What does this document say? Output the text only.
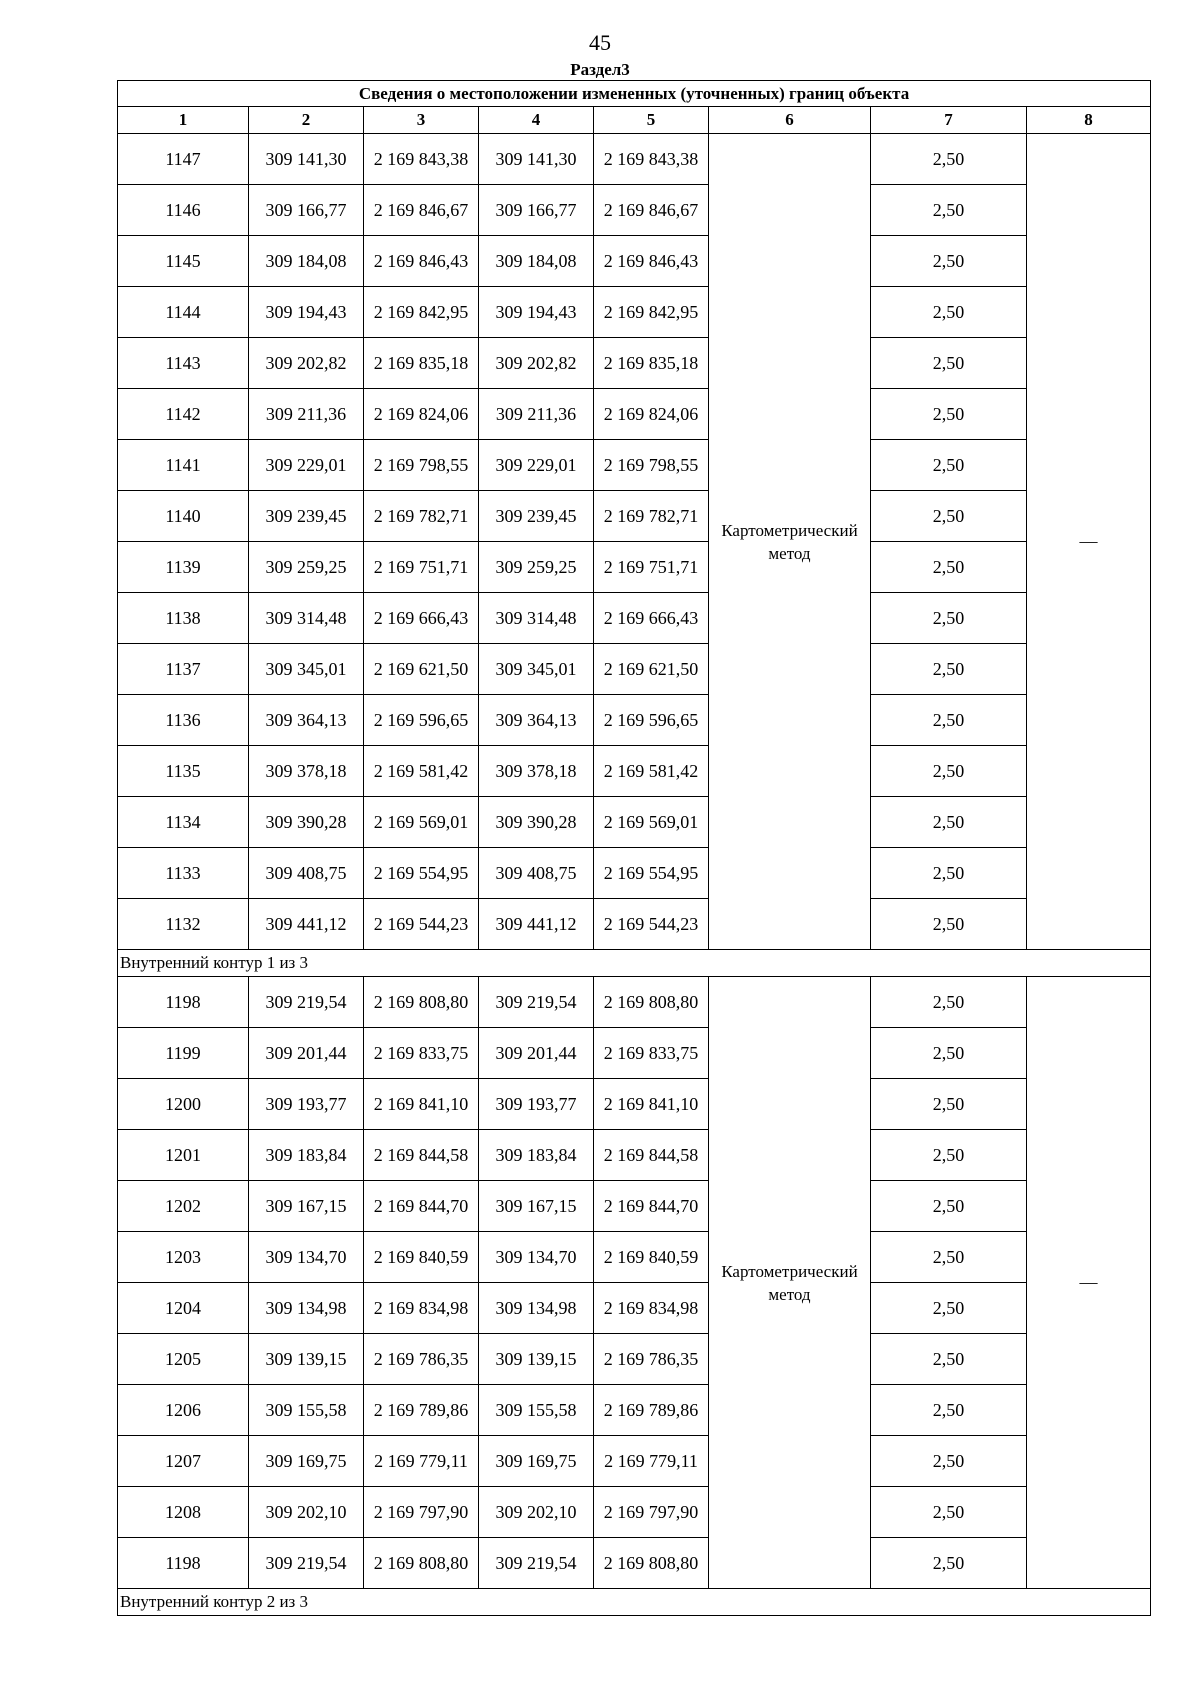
45
Раздел3
Сведения о местоположении измененных (уточненных) границ объекта							
1	2	3	4	5	6	7	8
1147	309 141,30	2 169 843,38	309 141,30	2 169 843,38	Картометрический метод	2,50	—
1146	309 166,77	2 169 846,67	309 166,77	2 169 846,67		2,50	
1145	309 184,08	2 169 846,43	309 184,08	2 169 846,43		2,50	
1144	309 194,43	2 169 842,95	309 194,43	2 169 842,95		2,50	
1143	309 202,82	2 169 835,18	309 202,82	2 169 835,18		2,50	
1142	309 211,36	2 169 824,06	309 211,36	2 169 824,06		2,50	
1141	309 229,01	2 169 798,55	309 229,01	2 169 798,55		2,50	
1140	309 239,45	2 169 782,71	309 239,45	2 169 782,71		2,50	
1139	309 259,25	2 169 751,71	309 259,25	2 169 751,71		2,50	
1138	309 314,48	2 169 666,43	309 314,48	2 169 666,43		2,50	
1137	309 345,01	2 169 621,50	309 345,01	2 169 621,50		2,50	
1136	309 364,13	2 169 596,65	309 364,13	2 169 596,65		2,50	
1135	309 378,18	2 169 581,42	309 378,18	2 169 581,42		2,50	
1134	309 390,28	2 169 569,01	309 390,28	2 169 569,01		2,50	
1133	309 408,75	2 169 554,95	309 408,75	2 169 554,95		2,50	
1132	309 441,12	2 169 544,23	309 441,12	2 169 544,23		2,50	
Внутренний контур 1 из 3							
1198	309 219,54	2 169 808,80	309 219,54	2 169 808,80	Картометрический метод	2,50	—
1199	309 201,44	2 169 833,75	309 201,44	2 169 833,75		2,50	
1200	309 193,77	2 169 841,10	309 193,77	2 169 841,10		2,50	
1201	309 183,84	2 169 844,58	309 183,84	2 169 844,58		2,50	
1202	309 167,15	2 169 844,70	309 167,15	2 169 844,70		2,50	
1203	309 134,70	2 169 840,59	309 134,70	2 169 840,59		2,50	
1204	309 134,98	2 169 834,98	309 134,98	2 169 834,98		2,50	
1205	309 139,15	2 169 786,35	309 139,15	2 169 786,35		2,50	
1206	309 155,58	2 169 789,86	309 155,58	2 169 789,86		2,50	
1207	309 169,75	2 169 779,11	309 169,75	2 169 779,11		2,50	
1208	309 202,10	2 169 797,90	309 202,10	2 169 797,90		2,50	
1198	309 219,54	2 169 808,80	309 219,54	2 169 808,80		2,50	
Внутренний контур 2 из 3							
